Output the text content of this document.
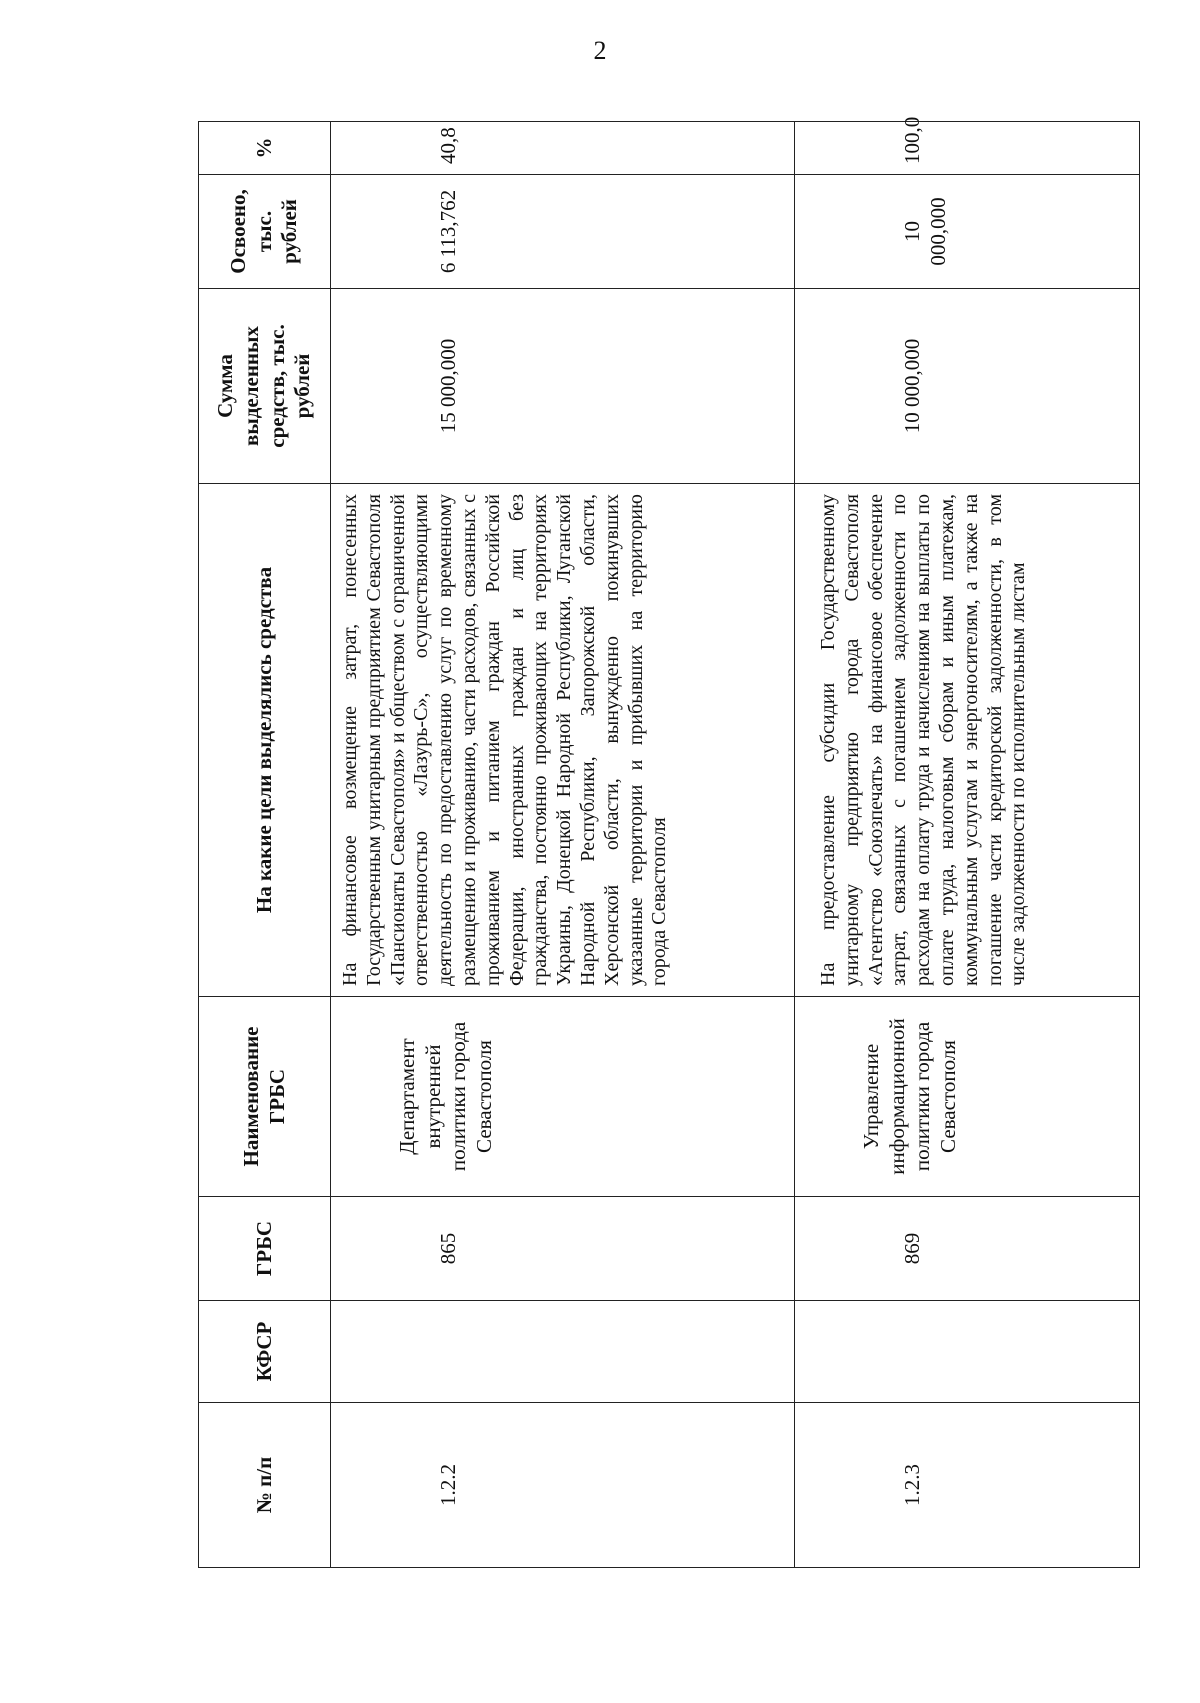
2
№ п/п	КФСР	ГРБС	Наименование ГРБС	На какие цели выделялись средства	Сумма выделенных средств, тыс. рублей	Освоено, тыс. рублей	%
1.2.2		865	Департамент внутренней политики города Севастополя	На финансовое возмещение затрат, понесенных Государственным унитарным предприятием Севастополя «Пансионаты Севастополя» и обществом с ограниченной ответственностью «Лазурь-С», осуществляющими деятельность по предоставлению услуг по временному размещению и проживанию, части расходов, связанных с проживанием и питанием граждан Российской Федерации, иностранных граждан и лиц без гражданства, постоянно проживающих на территориях Украины, Донецкой Народной Республики, Луганской Народной Республики, Запорожской области, Херсонской области, вынужденно покинувших указанные территории и прибывших на территорию города Севастополя	15 000,000	6 113,762	40,8
1.2.3		869	Управление информационной политики города Севастополя	На предоставление субсидии Государственному унитарному предприятию города Севастополя «Агентство «Союзпечать» на финансовое обеспечение затрат, связанных с погашением задолженности по расходам на оплату труда и начислениям на выплаты по оплате труда, налоговым сборам и иным платежам, коммунальным услугам и энергоносителям, а также на погашение части кредиторской задолженности, в том числе задолженности по исполнительным листам	10 000,000	10 000,000	100,0
